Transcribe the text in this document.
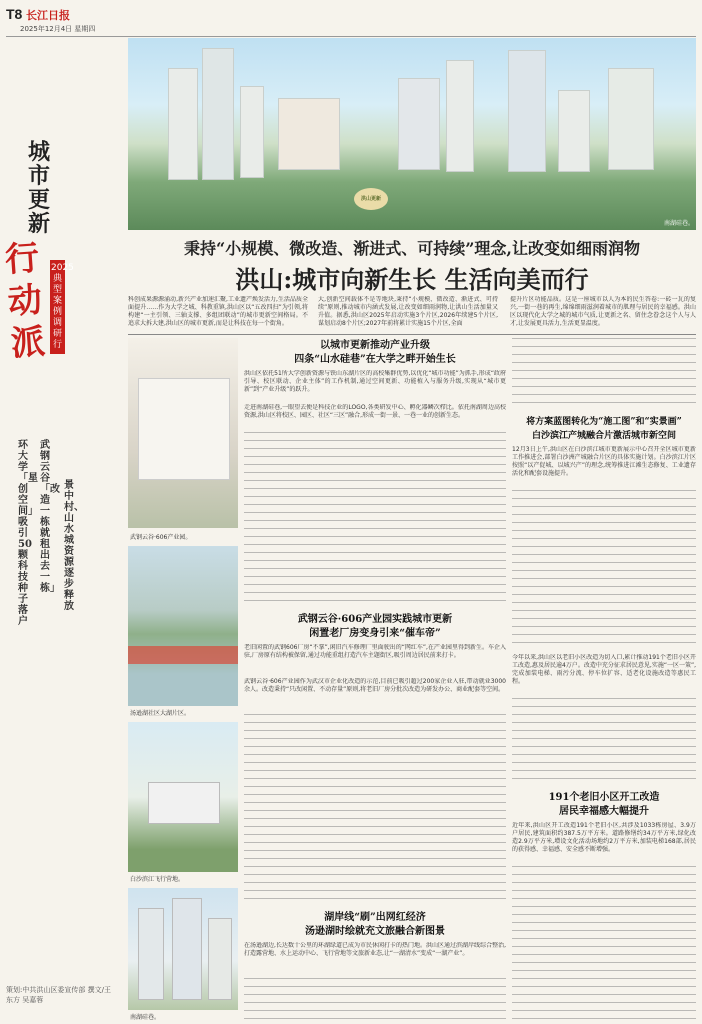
T8 长江日报
2025年12月4日 星期四
城市更新
行动派
2025典型案例调研行
景中村、山水城资源逐步释放
武钢云谷「改造一栋就租出去一栋」
环大学「星创空间」吸引50颗科技种子落户
策划:中共洪山区委宣传部 撰文/王东方 吴嘉蓉
洪山更新
南湖硅巷。
秉持“小规模、微改造、渐进式、可持续”理念,让改变如细雨润物
洪山:城市向新生长 生活向美而行
科创成果源源涌动,新兴产业加速汇聚,工业遗产焕发活力,生活品质全面提升……作为大学之城、科教重镇,洪山区以“五改四扫”为引领,将构建“一主引领、三轴支撑、多组团联动”的城市更新空间格局。不追求大拆大建,洪山区的城市更新,而是让科技在每一个街角。
大,创新空间载体不是等地块,秉持“小规模、微改造、渐进式、可持续”原则,推动城市内涵式发展,让改变如细雨润物,让洪山生活加量又升值。据悉,洪山区2025年启动实施3个片区,2026年续建5个片区,谋划启动8个片区;2027年前将累计实施15个片区,全面
提升片区功能品质。这是一座城市以人为本的民生答卷:一砖一瓦的复兴,一街一巷的再生,绵绵细雨滋润着城市的肌理与居民的幸福感。洪山区以现代化大学之城的城市气质,让更新之名、留住念眷念这个人与人才,让发展更具活力,生活更显温度。
武钢云谷·606产业园。
汤逊湖社区大湖片区。
白沙滨江飞行营地。
南湖硅巷。
以城市更新推动产业升级
四条“山水硅巷”在大学之畔开始生长
洪山区依托51所大学创新资源与铁山东湖片区的高校集群优势,以优化“城市功能”为抓手,形成“政府引导、校区联动、企业主体”的工作机制,通过空间更新、功能植入与服务升级,实现从“城市更新”到“产业升级”的跃升。
走进南湖硅巷,一眼望去便是科技企业的LOGO,各类研发中心、孵化器鳞次栉比。依托南湖周边高校资源,洪山区将校区、园区、社区“三区”融合,形成一街一景、一巷一业的创新生态。
武钢云谷·606产业园实践城市更新
闲置老厂房变身引来“催车帝”
老旧闲置的武钢606厂房“不掌”,闲旧汽车修理厂里面驶出的“网红车”,在产业园里得到新生。车企入驻,厂房原有结构被保留,通过功能重组打造汽车主题街区,吸引周边居民前来打卡。
武钢云谷·606产业园作为武汉市企业化改造的示范,目前已吸引超过200家企业入驻,带动就业3000余人。改造秉持“只改闲置、不动存量”原则,将老旧厂房分批次改造为研发办公、商业配套等空间。
湖岸线“刷”出网红经济
汤逊湖时绘就充文旅融合新图景
在汤逊湖边,长达数十公里的环湖绿道已成为市民休闲打卡的热门地。洪山区通过滨湖岸线综合整治,打造露营地、水上运动中心、飞行营地等文旅新业态,让“一湖清水”变成“一湖产业”。
将方案蓝图转化为“施工图”和“实景画”
白沙滨江产城融合片激活城市新空间
12月3日上午,洪山区在白沙滨江城市更新展示中心召开全区城市更新工作推进会,部署白沙洲产城融合片区的具体实施计划。白沙滨江片区按照“以产促城、以城兴产”的理念,统筹推进江滩生态修复、工业遗存活化和配套设施提升。
今年以来,洪山区以老旧小区改造为切入口,累计推动191个老旧小区开工改造,惠及居民逾4万户。改造中充分征求居民意见,实施“一区一策”,完成加装电梯、雨污分流、停车位扩容、适老化设施改造等惠民工程。
191个老旧小区开工改造
居民幸福感大幅提升
近年来,洪山区开工改造191个老旧小区,共涉及1033栋房屋、3.9万户居民,建筑面积约387.5万平方米。道路修缮约34万平方米,绿化改造2.9万平方米,增设文化活动场地约2万平方米,加装电梯168部,居民的获得感、幸福感、安全感不断增强。
